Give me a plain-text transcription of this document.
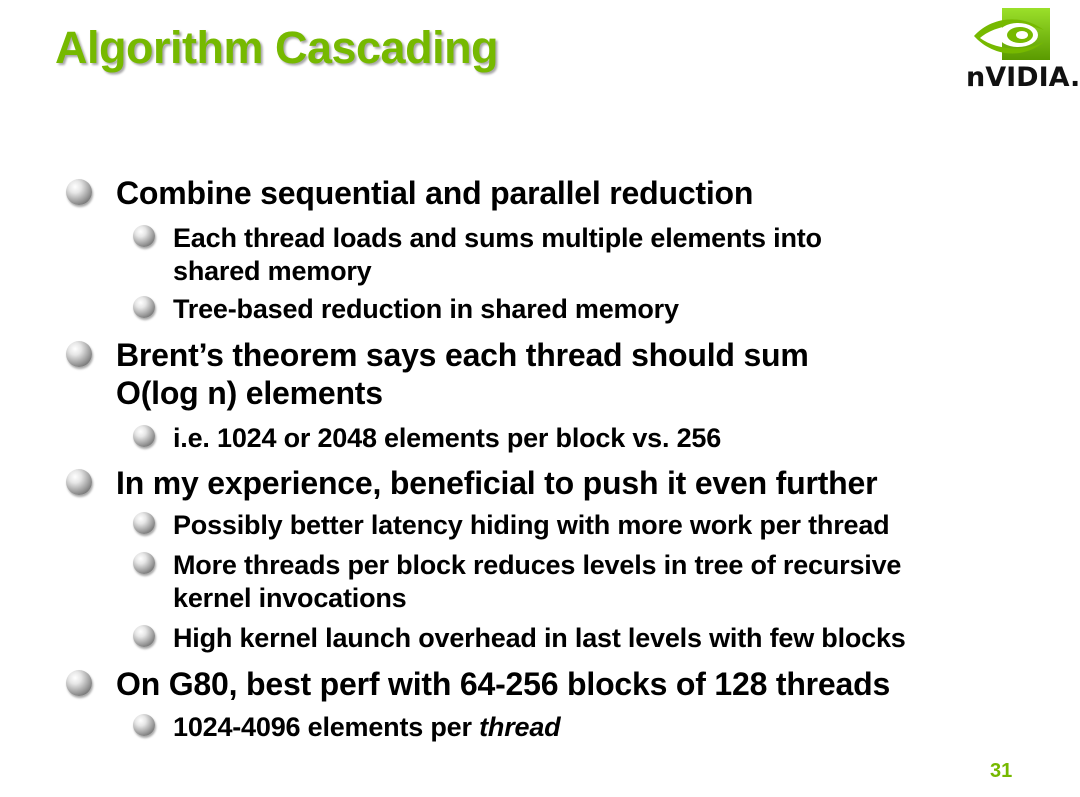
Algorithm Cascading
nVIDIA.
Combine sequential and parallel reduction
Each thread loads and sums multiple elements into
shared memory
Tree-based reduction in shared memory
Brent’s theorem says each thread should sum
O(log n) elements
i.e. 1024 or 2048 elements per block vs. 256
In my experience, beneficial to push it even further
Possibly better latency hiding with more work per thread
More threads per block reduces levels in tree of recursive
kernel invocations
High kernel launch overhead in last levels with few blocks
On G80, best perf with 64-256 blocks of 128 threads
1024-4096 elements per thread
31
